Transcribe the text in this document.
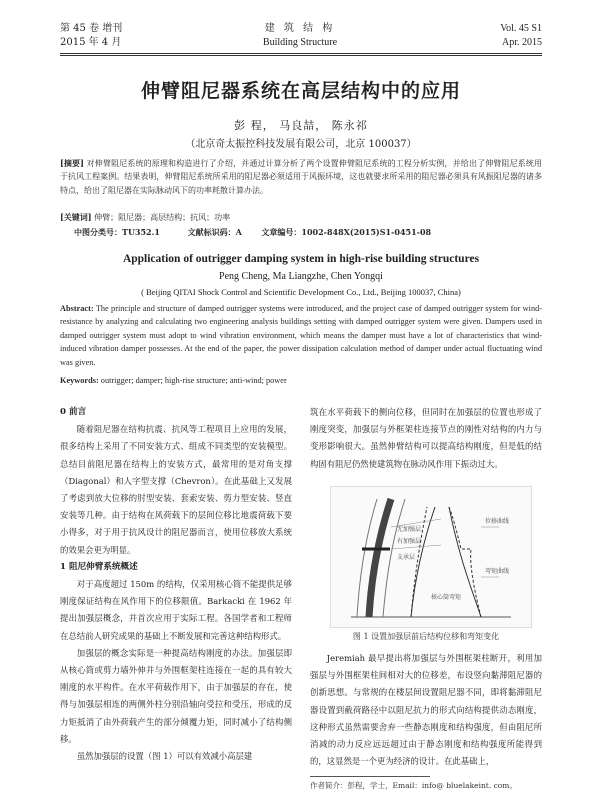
第 45 卷 增刊
2015 年 4 月
建 筑 结 构
Building Structure
Vol. 45 S1
Apr. 2015
伸臂阻尼器系统在高层结构中的应用
彭 程， 马良喆， 陈永祁
（北京奇太振控科技发展有限公司，北京 100037）
[摘要] 对伸臂阻尼系统的原理和构造进行了介绍，并通过计算分析了两个设置伸臂阻尼系统的工程分析实例，并给出了伸臂阻尼系统用于抗风工程案例。结果表明，伸臂阻尼系统所采用的阻尼器必须适用于风振环境，这也就要求所采用的阻尼器必须具有风振阻尼器的诸多特点，给出了阻尼器在实际脉动风下的功率耗散计算办法。
[关键词] 伸臂；阻尼器；高层结构；抗风；功率
中图分类号：TU352.1	文献标识码：A 文章编号：1002-848X(2015)S1-0451-08
Application of outrigger damping system in high-rise building structures
Peng Cheng, Ma Liangzhe, Chen Yongqi
( Beijing QITAI Shock Control and Scientific Development Co., Ltd., Beijing 100037, China)
Abstract: The principle and structure of damped outrigger systems were introduced, and the project case of damped outrigger system for wind-resistance by analyzing and calculating two engineering analysis buildings setting with damped outrigger system were given. Dampers used in damped outrigger system must adopt to wind vibration environment, which means the damper must have a lot of characteristics that wind-induced vibration damper possesses. At the end of the paper, the power dissipation calculation method of damper under actual fluctuating wind was given.
Keywords: outrigger; damper; high-rise structure; anti-wind; power
0 前言

随着阻尼器在结构抗震、抗风等工程项目上应用的发展，很多结构上采用了不同安装方式、组成不同类型的安装模型。总结目前阻尼器在结构上的安装方式，最常用的是对角支撑（Diagonal）和人字型支撑（Chevron）。在此基础上又发展了考虑到放大位移的肘型安装、套索安装、剪力型安装、竖直安装等几种。由于结构在风荷载下的层间位移比地震荷载下要小得多，对于用于抗风设计的阻尼器而言，使用位移放大系统的效果会更为明显。

1 阻尼伸臂系统概述

对于高度超过 150m 的结构，仅采用核心筒不能提供足够刚度保证结构在风作用下的位移限值。Barkacki 在 1962 年提出加强层概念，并首次应用于实际工程。各国学者和工程师在总结前人研究成果的基础上不断发展和完善这种结构形式。

加强层的概念实际是一种提高结构刚度的办法。加强层即从核心筒或剪力墙外伸并与外围框架柱连接在一起的具有较大刚度的水平构件。在水平荷载作用下，由于加强层的存在，使得与加强层相连的两侧外柱分别沿轴向受拉和受压，形成的反力矩抵消了由外荷载产生的部分倾覆力矩，同时减小了结构侧移。

虽然加强层的设置（图 1）可以有效减小高层建

筑在水平荷载下的侧向位移，但同时在加强层的位置也形成了刚度突变，加强层与外框架柱连接节点的刚性对结构的内力与变形影响很大。虽然伸臂结构可以提高结构刚度，但是低的结构固有阻尼仍然使建筑物在脉动风作用下振动过大。

无加强层
有加强层
支承层
位移曲线
弯矩曲线
核心筒弯矩
图 1 设置加强层前后结构位移和弯矩变化

Jeremiah 最早提出将加强层与外围框架柱断开，利用加强层与外围框架柱间相对大的位移差，布设竖向黏滞阻尼器的创新思想。与常规的在楼层间设置阻尼器不同，即将黏滞阻尼器设置到截荷路径中以阻尼抗力的形式向结构提供动态刚度，这种形式虽然需要舍弃一些静态刚度和结构强度，但由阻尼所消减的动力反应远远超过由于静态刚度和结构强度所能得到的，这显然是一个更为经济的设计。在此基础上，

作者简介：彭程，学士，Email：info@ bluelakeint. com。
